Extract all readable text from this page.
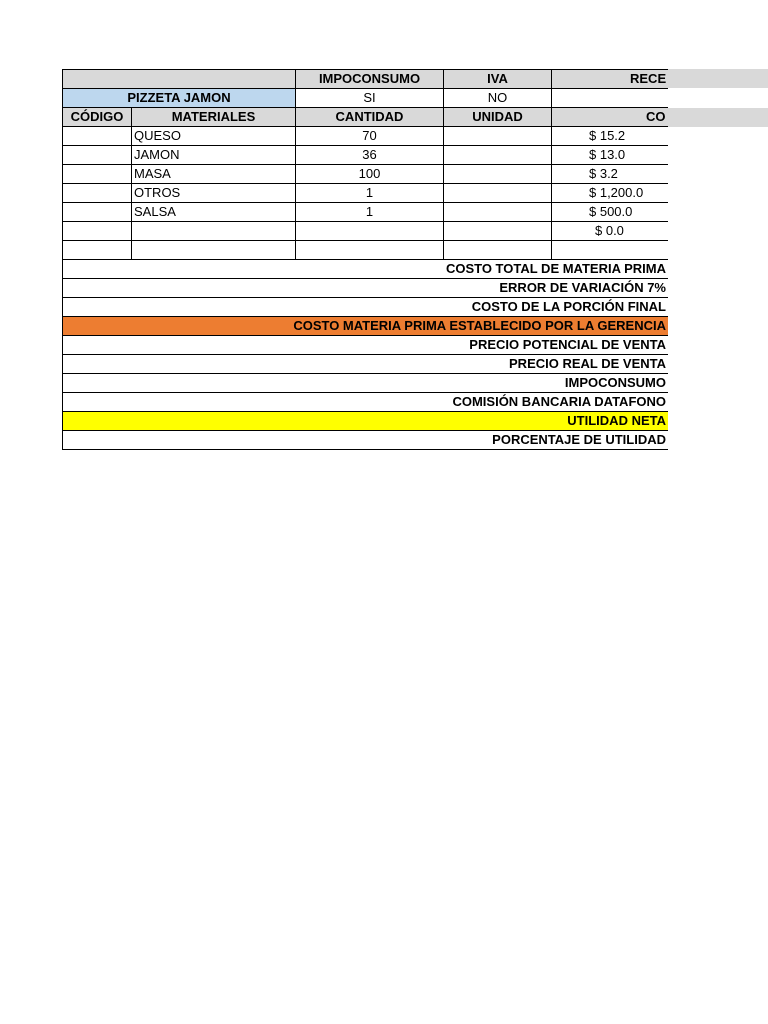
		IMPOCONSUMO	IVA	RECE
PIZZETA JAMON		SI	NO	
CÓDIGO	MATERIALES	CANTIDAD	UNIDAD	CO
	QUESO	70		$ 15.2
	JAMON	36		$ 13.0
	MASA	100		$ 3.2
	OTROS	1		$ 1,200.0
	SALSA	1		$ 500.0
				$ 0.0

COSTO TOTAL DE MATERIA PRIMA				
ERROR DE VARIACIÓN 7%				
COSTO DE LA PORCIÓN FINAL				
COSTO MATERIA PRIMA ESTABLECIDO POR LA GERENCIA				
PRECIO POTENCIAL DE VENTA				
PRECIO REAL DE VENTA				
IMPOCONSUMO				
COMISIÓN BANCARIA DATAFONO				
UTILIDAD NETA				
PORCENTAJE DE UTILIDAD				
